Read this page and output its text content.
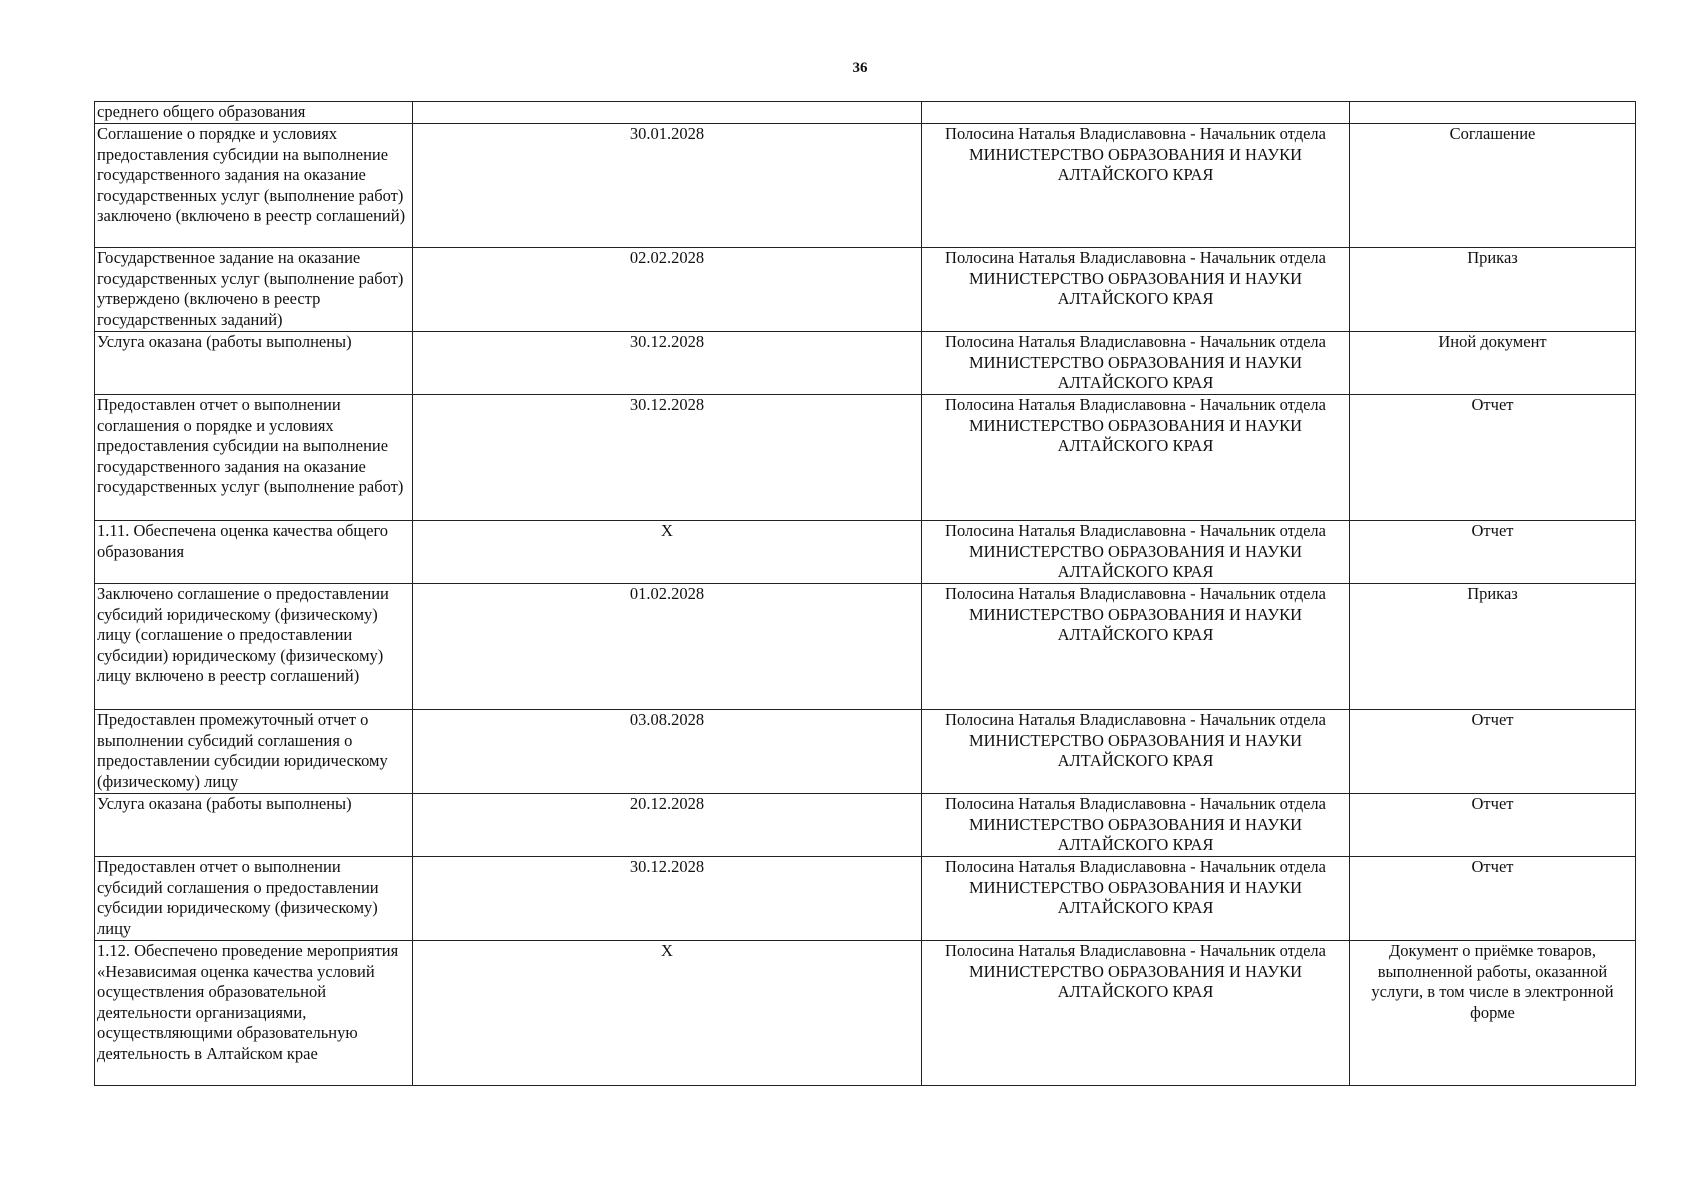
36
среднего общего образования		

Соглашение о порядке и условиях предоставления субсидии на выполнение государственного задания на оказание государственных услуг (выполнение работ) заключено (включено в реестр соглашений)	30.01.2028	Полосина Наталья Владиславовна - Начальник отдела
МИНИСТЕРСТВО ОБРАЗОВАНИЯ И НАУКИ АЛТАЙСКОГО КРАЯ	Соглашение
Государственное задание на оказание государственных услуг (выполнение работ) утверждено (включено в реестр государственных заданий)	02.02.2028	Полосина Наталья Владиславовна - Начальник отдела
МИНИСТЕРСТВО ОБРАЗОВАНИЯ И НАУКИ АЛТАЙСКОГО КРАЯ	Приказ
Услуга оказана (работы выполнены)	30.12.2028	Полосина Наталья Владиславовна - Начальник отдела
МИНИСТЕРСТВО ОБРАЗОВАНИЯ И НАУКИ АЛТАЙСКОГО КРАЯ	Иной документ
Предоставлен отчет о выполнении соглашения о порядке и условиях предоставления субсидии на выполнение государственного задания на оказание государственных услуг (выполнение работ)	30.12.2028	Полосина Наталья Владиславовна - Начальник отдела
МИНИСТЕРСТВО ОБРАЗОВАНИЯ И НАУКИ АЛТАЙСКОГО КРАЯ	Отчет
1.11. Обеспечена оценка качества общего образования	X	Полосина Наталья Владиславовна - Начальник отдела
МИНИСТЕРСТВО ОБРАЗОВАНИЯ И НАУКИ АЛТАЙСКОГО КРАЯ	Отчет
Заключено соглашение о предоставлении субсидий юридическому (физическому) лицу (соглашение о предоставлении субсидии) юридическому (физическому) лицу включено в реестр соглашений)	01.02.2028	Полосина Наталья Владиславовна - Начальник отдела
МИНИСТЕРСТВО ОБРАЗОВАНИЯ И НАУКИ АЛТАЙСКОГО КРАЯ	Приказ
Предоставлен промежуточный отчет о выполнении субсидий соглашения о предоставлении субсидии юридическому (физическому) лицу	03.08.2028	Полосина Наталья Владиславовна - Начальник отдела
МИНИСТЕРСТВО ОБРАЗОВАНИЯ И НАУКИ АЛТАЙСКОГО КРАЯ	Отчет
Услуга оказана (работы выполнены)	20.12.2028	Полосина Наталья Владиславовна - Начальник отдела
МИНИСТЕРСТВО ОБРАЗОВАНИЯ И НАУКИ АЛТАЙСКОГО КРАЯ	Отчет
Предоставлен отчет о выполнении субсидий соглашения о предоставлении субсидии юридическому (физическому) лицу	30.12.2028	Полосина Наталья Владиславовна - Начальник отдела
МИНИСТЕРСТВО ОБРАЗОВАНИЯ И НАУКИ АЛТАЙСКОГО КРАЯ	Отчет
1.12. Обеспечено проведение мероприятия «Независимая оценка качества условий осуществления образовательной деятельности организациями, осуществляющими образовательную деятельность в Алтайском крае	X	Полосина Наталья Владиславовна - Начальник отдела
МИНИСТЕРСТВО ОБРАЗОВАНИЯ И НАУКИ АЛТАЙСКОГО КРАЯ	Документ о приёмке товаров, выполненной работы, оказанной услуги, в том числе в электронной форме
